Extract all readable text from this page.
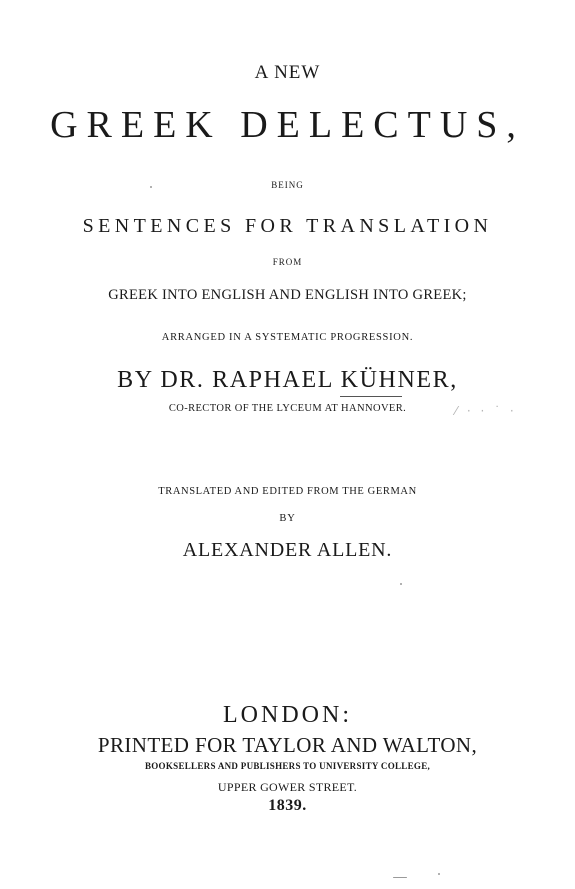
A NEW
GREEK DELECTUS,
BEING
SENTENCES FOR TRANSLATION
FROM
GREEK INTO ENGLISH AND ENGLISH INTO GREEK;
ARRANGED IN A SYSTEMATIC PROGRESSION.
BY DR. RAPHAEL KÜHNER,
CO-RECTOR OF THE LYCEUM AT HANNOVER.	⁄ · · ˙ ·
TRANSLATED AND EDITED FROM THE GERMAN
BY
ALEXANDER ALLEN.
LONDON:
PRINTED FOR TAYLOR AND WALTON,
BOOKSELLERS AND PUBLISHERS TO UNIVERSITY COLLEGE,
UPPER GOWER STREET.
1839.
